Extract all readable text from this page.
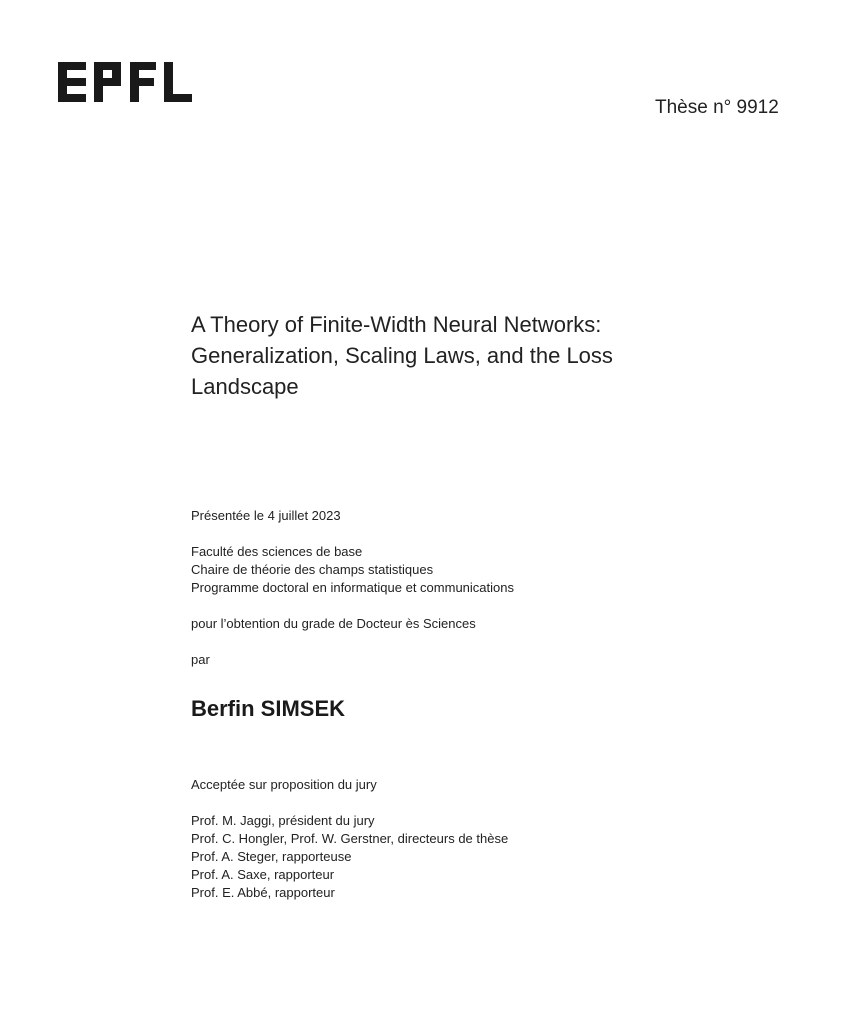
Thèse n° 9912
A Theory of Finite-Width Neural Networks:
Generalization, Scaling Laws, and the Loss
Landscape

Présentée le 4 juillet 2023

Faculté des sciences de base
Chaire de théorie des champs statistiques
Programme doctoral en informatique et communications

pour l’obtention du grade de Docteur ès Sciences

par

Berfin SIMSEK

Acceptée sur proposition du jury

Prof. M. Jaggi, président du jury
Prof. C. Hongler, Prof. W. Gerstner, directeurs de thèse
Prof. A. Steger, rapporteuse
Prof. A. Saxe, rapporteur
Prof. E. Abbé, rapporteur
